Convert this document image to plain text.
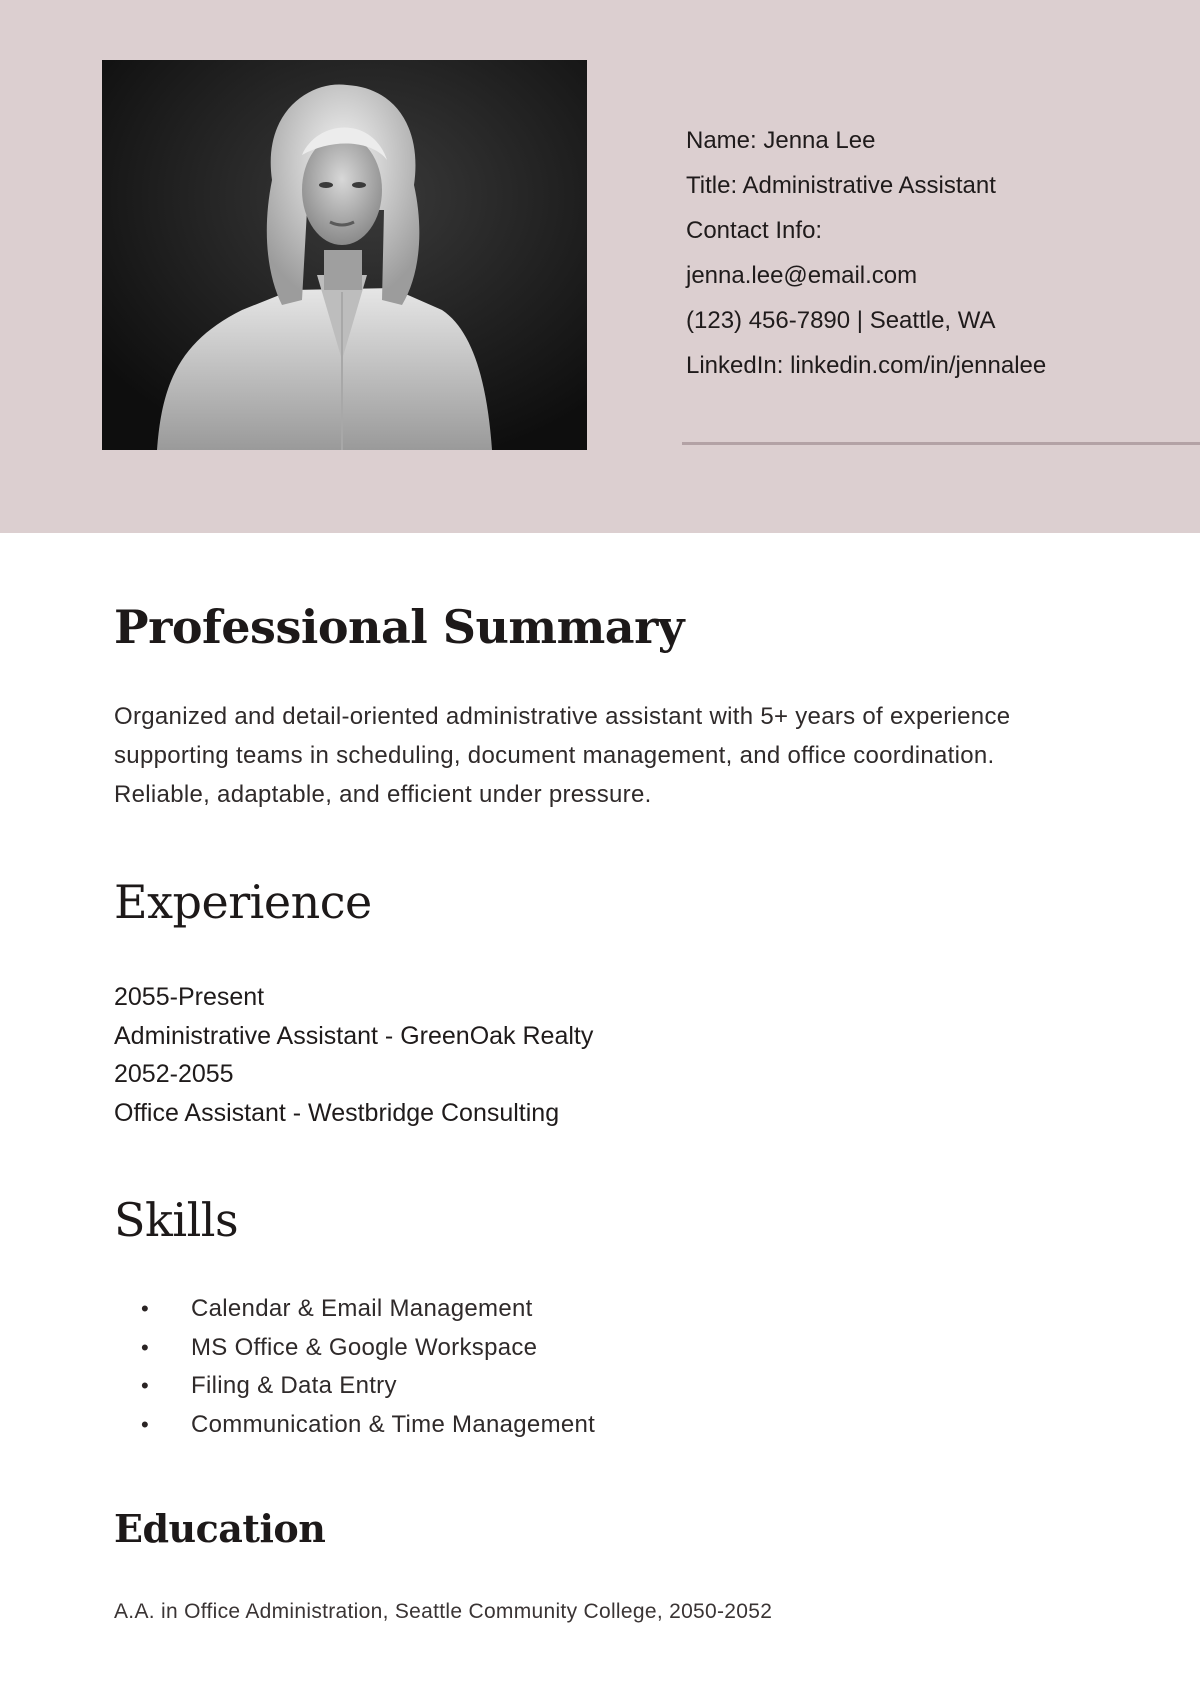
Name: Jenna Lee
Title: Administrative Assistant
Contact Info:
jenna.lee@email.com
(123) 456-7890 | Seattle, WA
LinkedIn: linkedin.com/in/jennalee
Professional Summary

Organized and detail-oriented administrative assistant with 5+ years of experience supporting teams in scheduling, document management, and office coordination. Reliable, adaptable, and efficient under pressure.

Experience
2055-Present
Administrative Assistant - GreenOak Realty
2052-2055
Office Assistant - Westbridge Consulting
Skills
• Calendar & Email Management
• MS Office & Google Workspace
• Filing & Data Entry
• Communication & Time Management
Education
A.A. in Office Administration, Seattle Community College, 2050-2052
